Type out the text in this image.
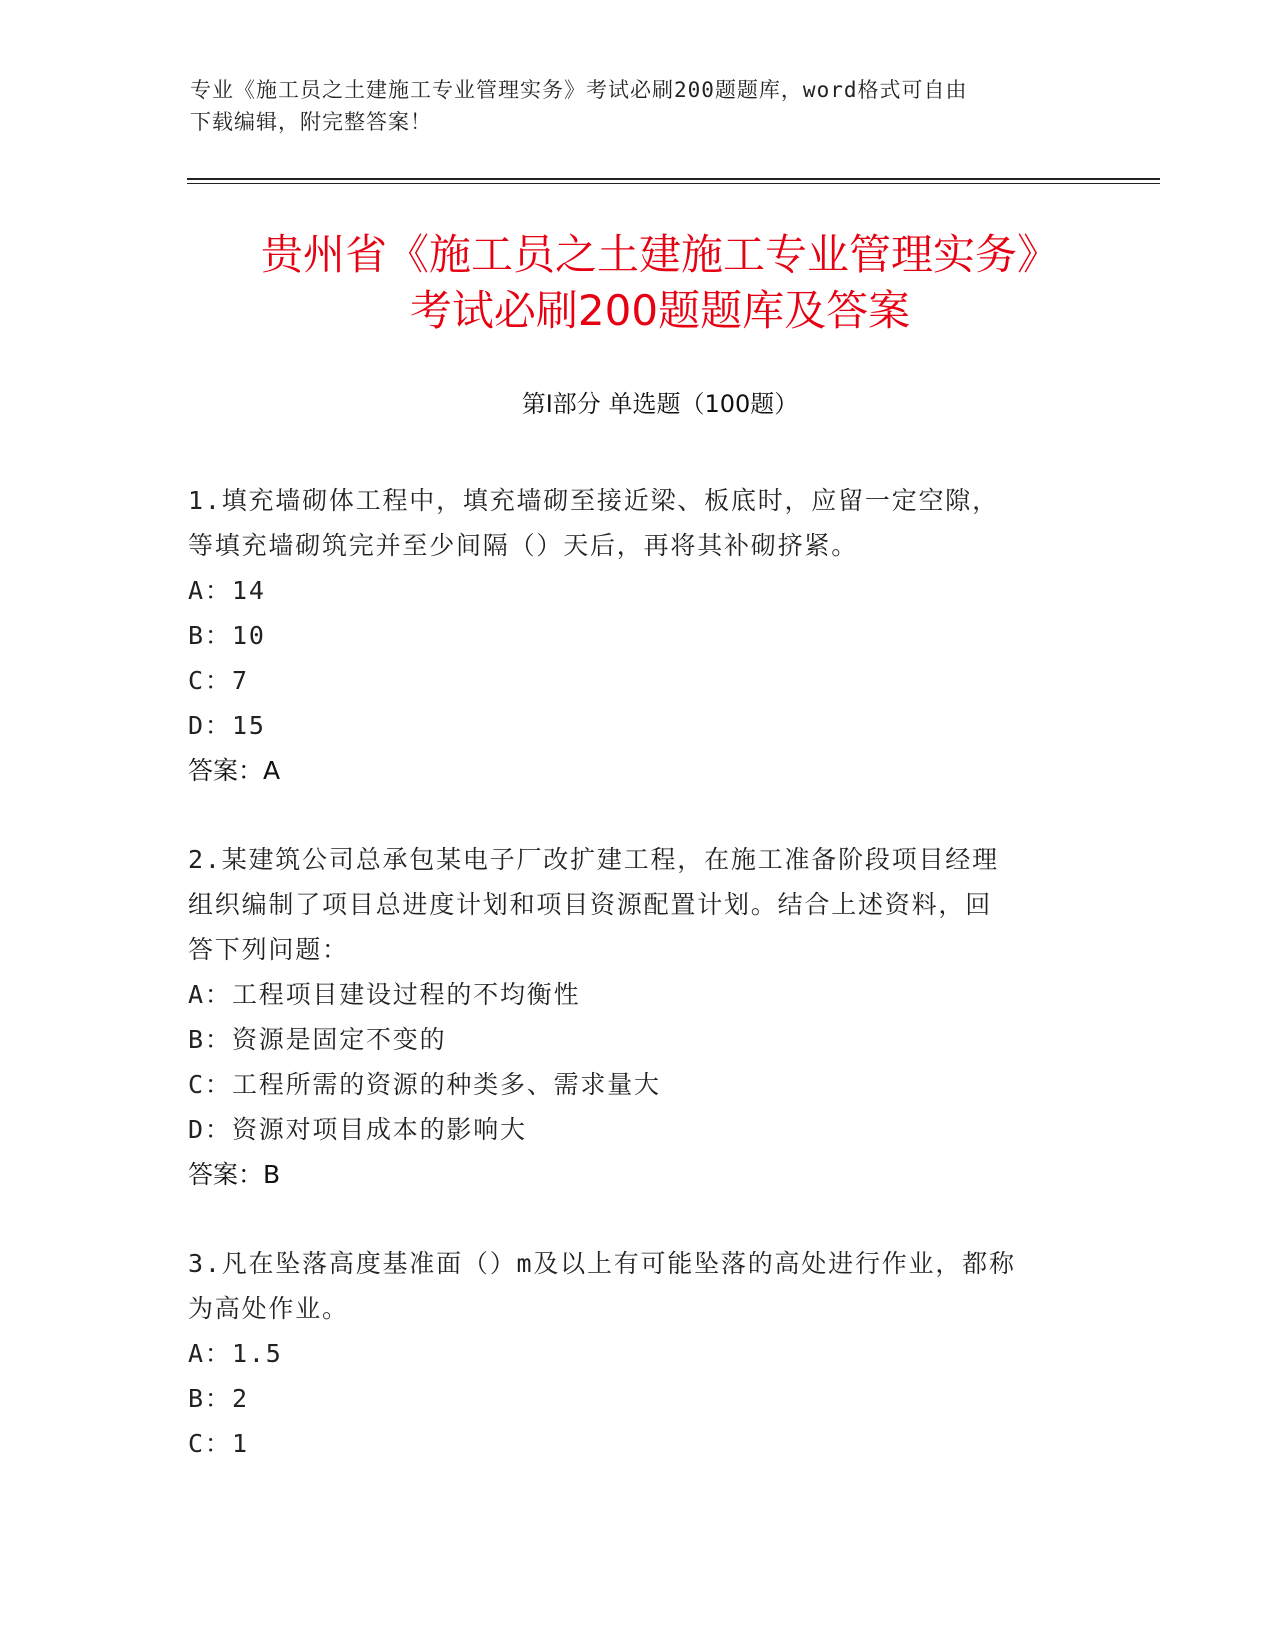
专业《施工员之土建施工专业管理实务》考试必刷200题题库，word格式可自由
下载编辑，附完整答案！
贵州省《施工员之土建施工专业管理实务》
考试必刷200题题库及答案
第I部分 单选题（100题）
1.填充墙砌体工程中，填充墙砌至接近梁、板底时，应留一定空隙，
等填充墙砌筑完并至少间隔（）天后，再将其补砌挤紧。
A：14
B：10
C：7
D：15
答案：A
2.某建筑公司总承包某电子厂改扩建工程，在施工准备阶段项目经理
组织编制了项目总进度计划和项目资源配置计划。结合上述资料，回
答下列问题：
A：工程项目建设过程的不均衡性
B：资源是固定不变的
C：工程所需的资源的种类多、需求量大
D：资源对项目成本的影响大
答案：B
3.凡在坠落高度基准面（）m及以上有可能坠落的高处进行作业，都称
为高处作业。
A：1.5
B：2
C：1
